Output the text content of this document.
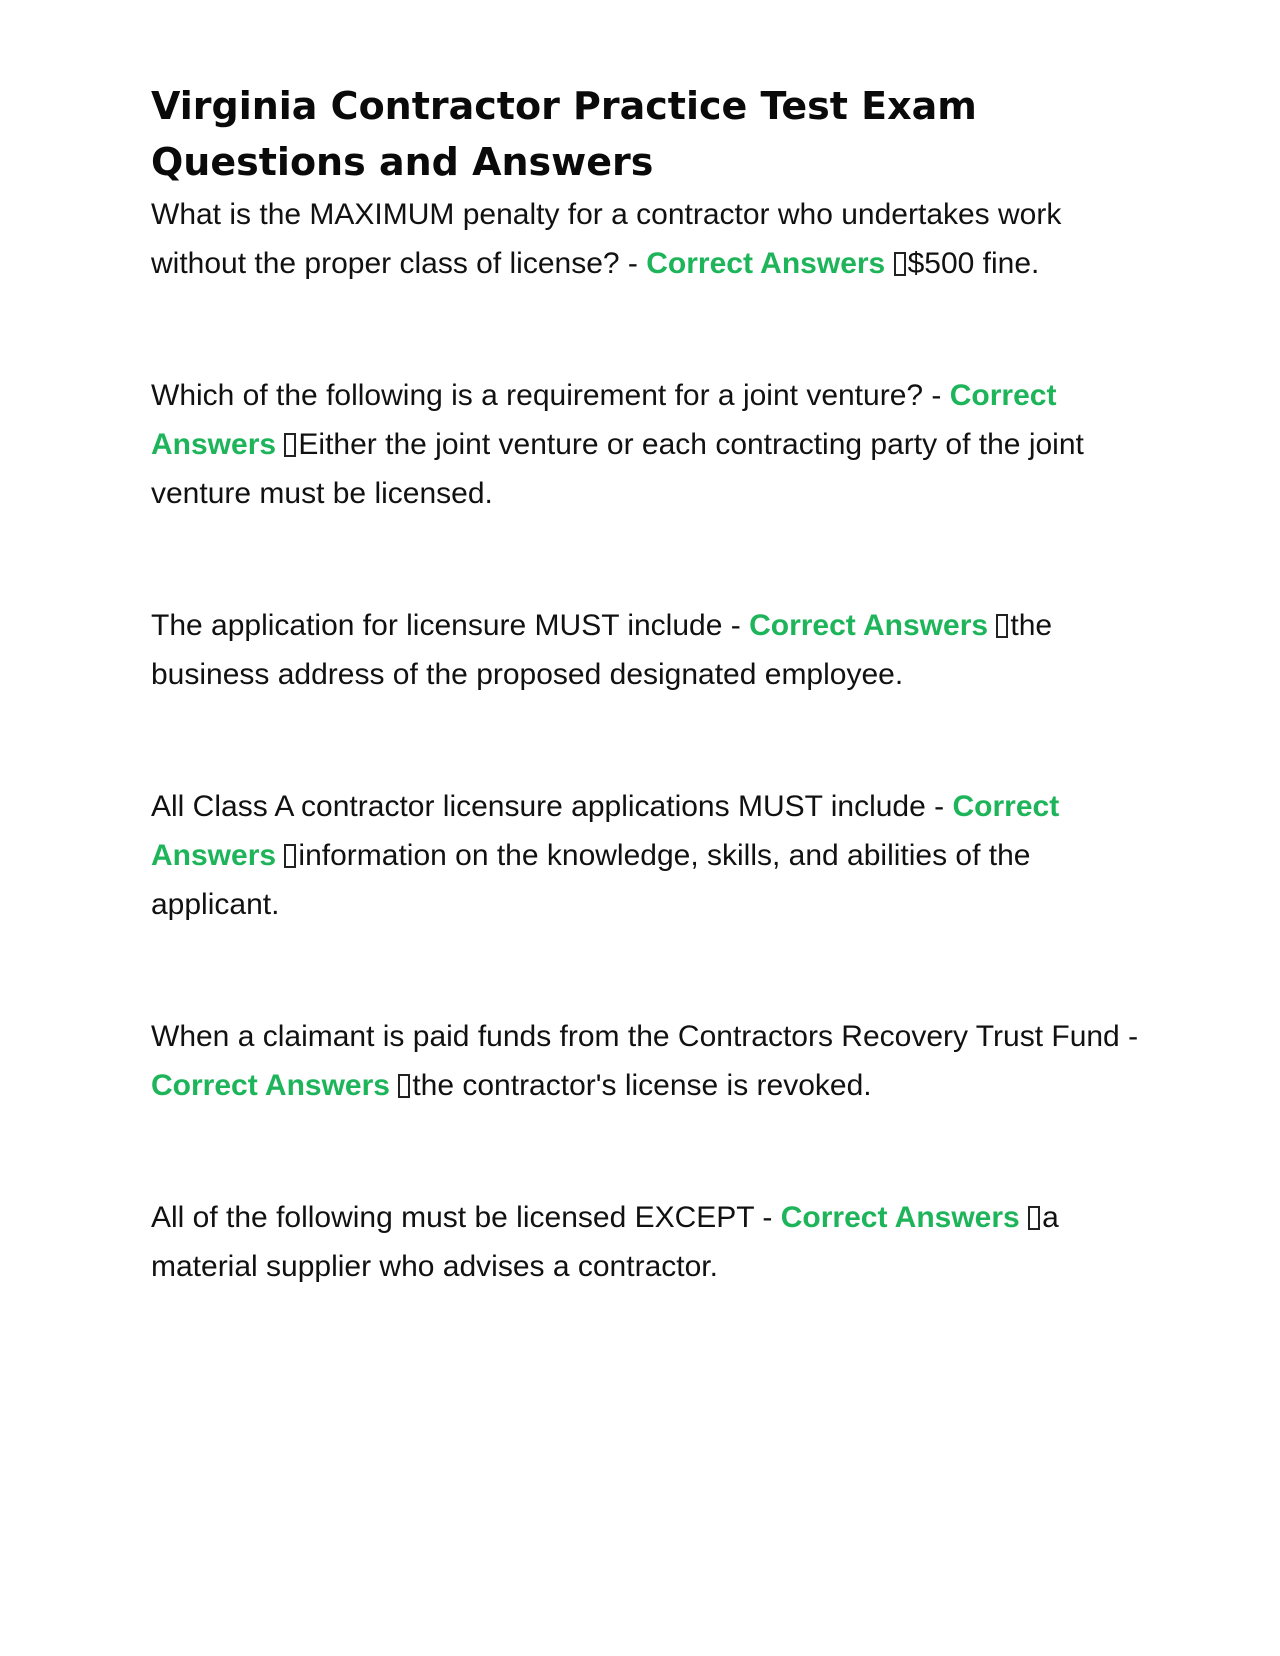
Virginia Contractor Practice Test Exam Questions and Answers

What is the MAXIMUM penalty for a contractor who undertakes work without the proper class of license? - Correct Answers $500 fine.

Which of the following is a requirement for a joint venture? - Correct Answers Either the joint venture or each contracting party of the joint venture must be licensed.

The application for licensure MUST include - Correct Answers the business address of the proposed designated employee.

All Class A contractor licensure applications MUST include - Correct Answers information on the knowledge, skills, and abilities of the applicant.

When a claimant is paid funds from the Contractors Recovery Trust Fund - Correct Answers the contractor's license is revoked.

All of the following must be licensed EXCEPT - Correct Answers a material supplier who advises a contractor.
